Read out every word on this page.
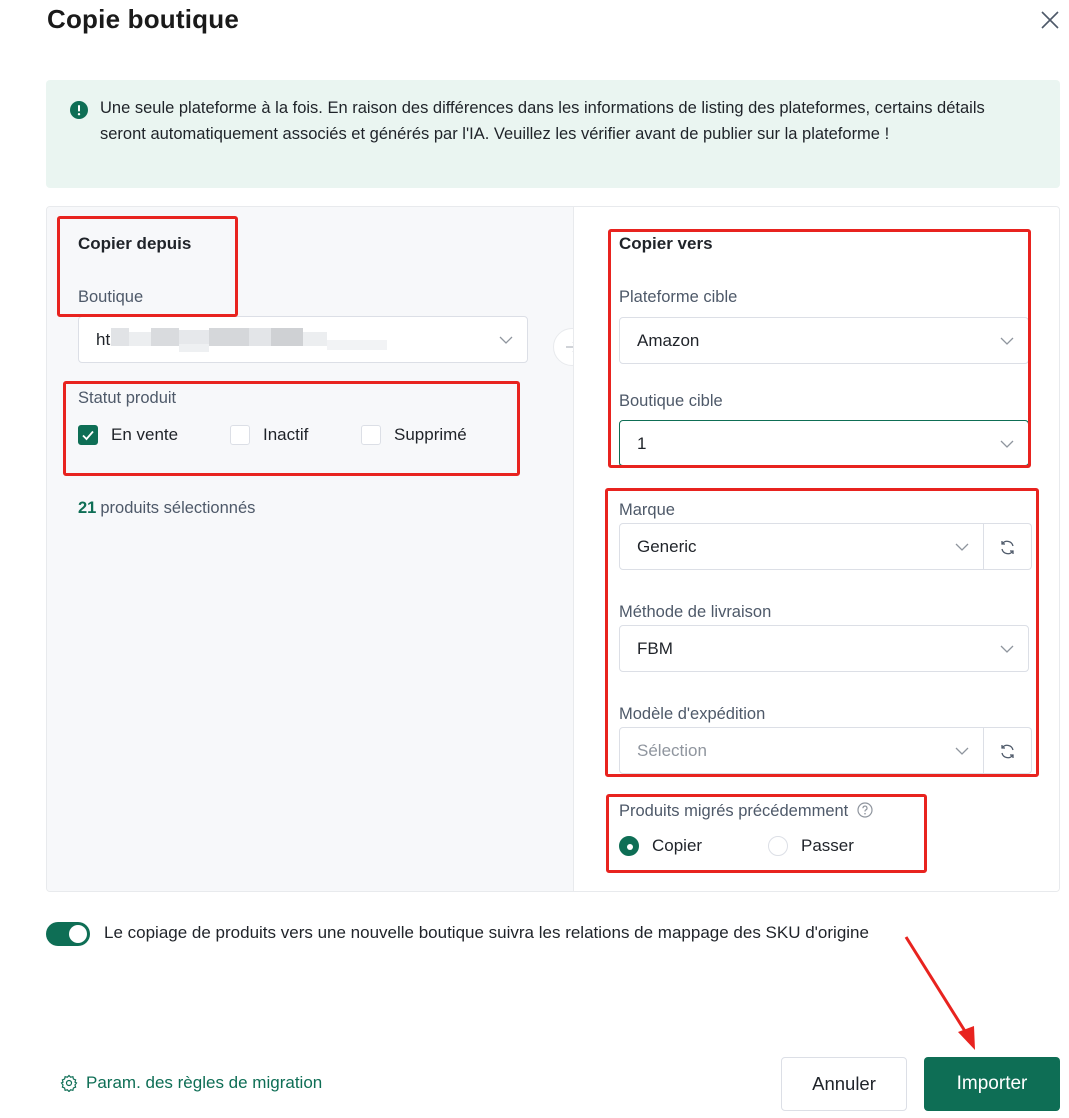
Copie boutique
Une seule plateforme à la fois. En raison des différences dans les informations de listing des plateformes, certains détails seront automatiquement associés et générés par l'IA. Veuillez les vérifier avant de publier sur la plateforme !
Copier depuis
Boutique
ht
Statut produit
En vente	Inactif	Supprimé
21 produits sélectionnés
Copier vers
Plateforme cible
Amazon
Boutique cible
1
Marque
Generic
Méthode de livraison
FBM
Modèle d'expédition
Sélection
Produits migrés précédemment
Copier	Passer
Le copiage de produits vers une nouvelle boutique suivra les relations de mappage des SKU d'origine
Param. des règles de migration	Annuler	Importer
